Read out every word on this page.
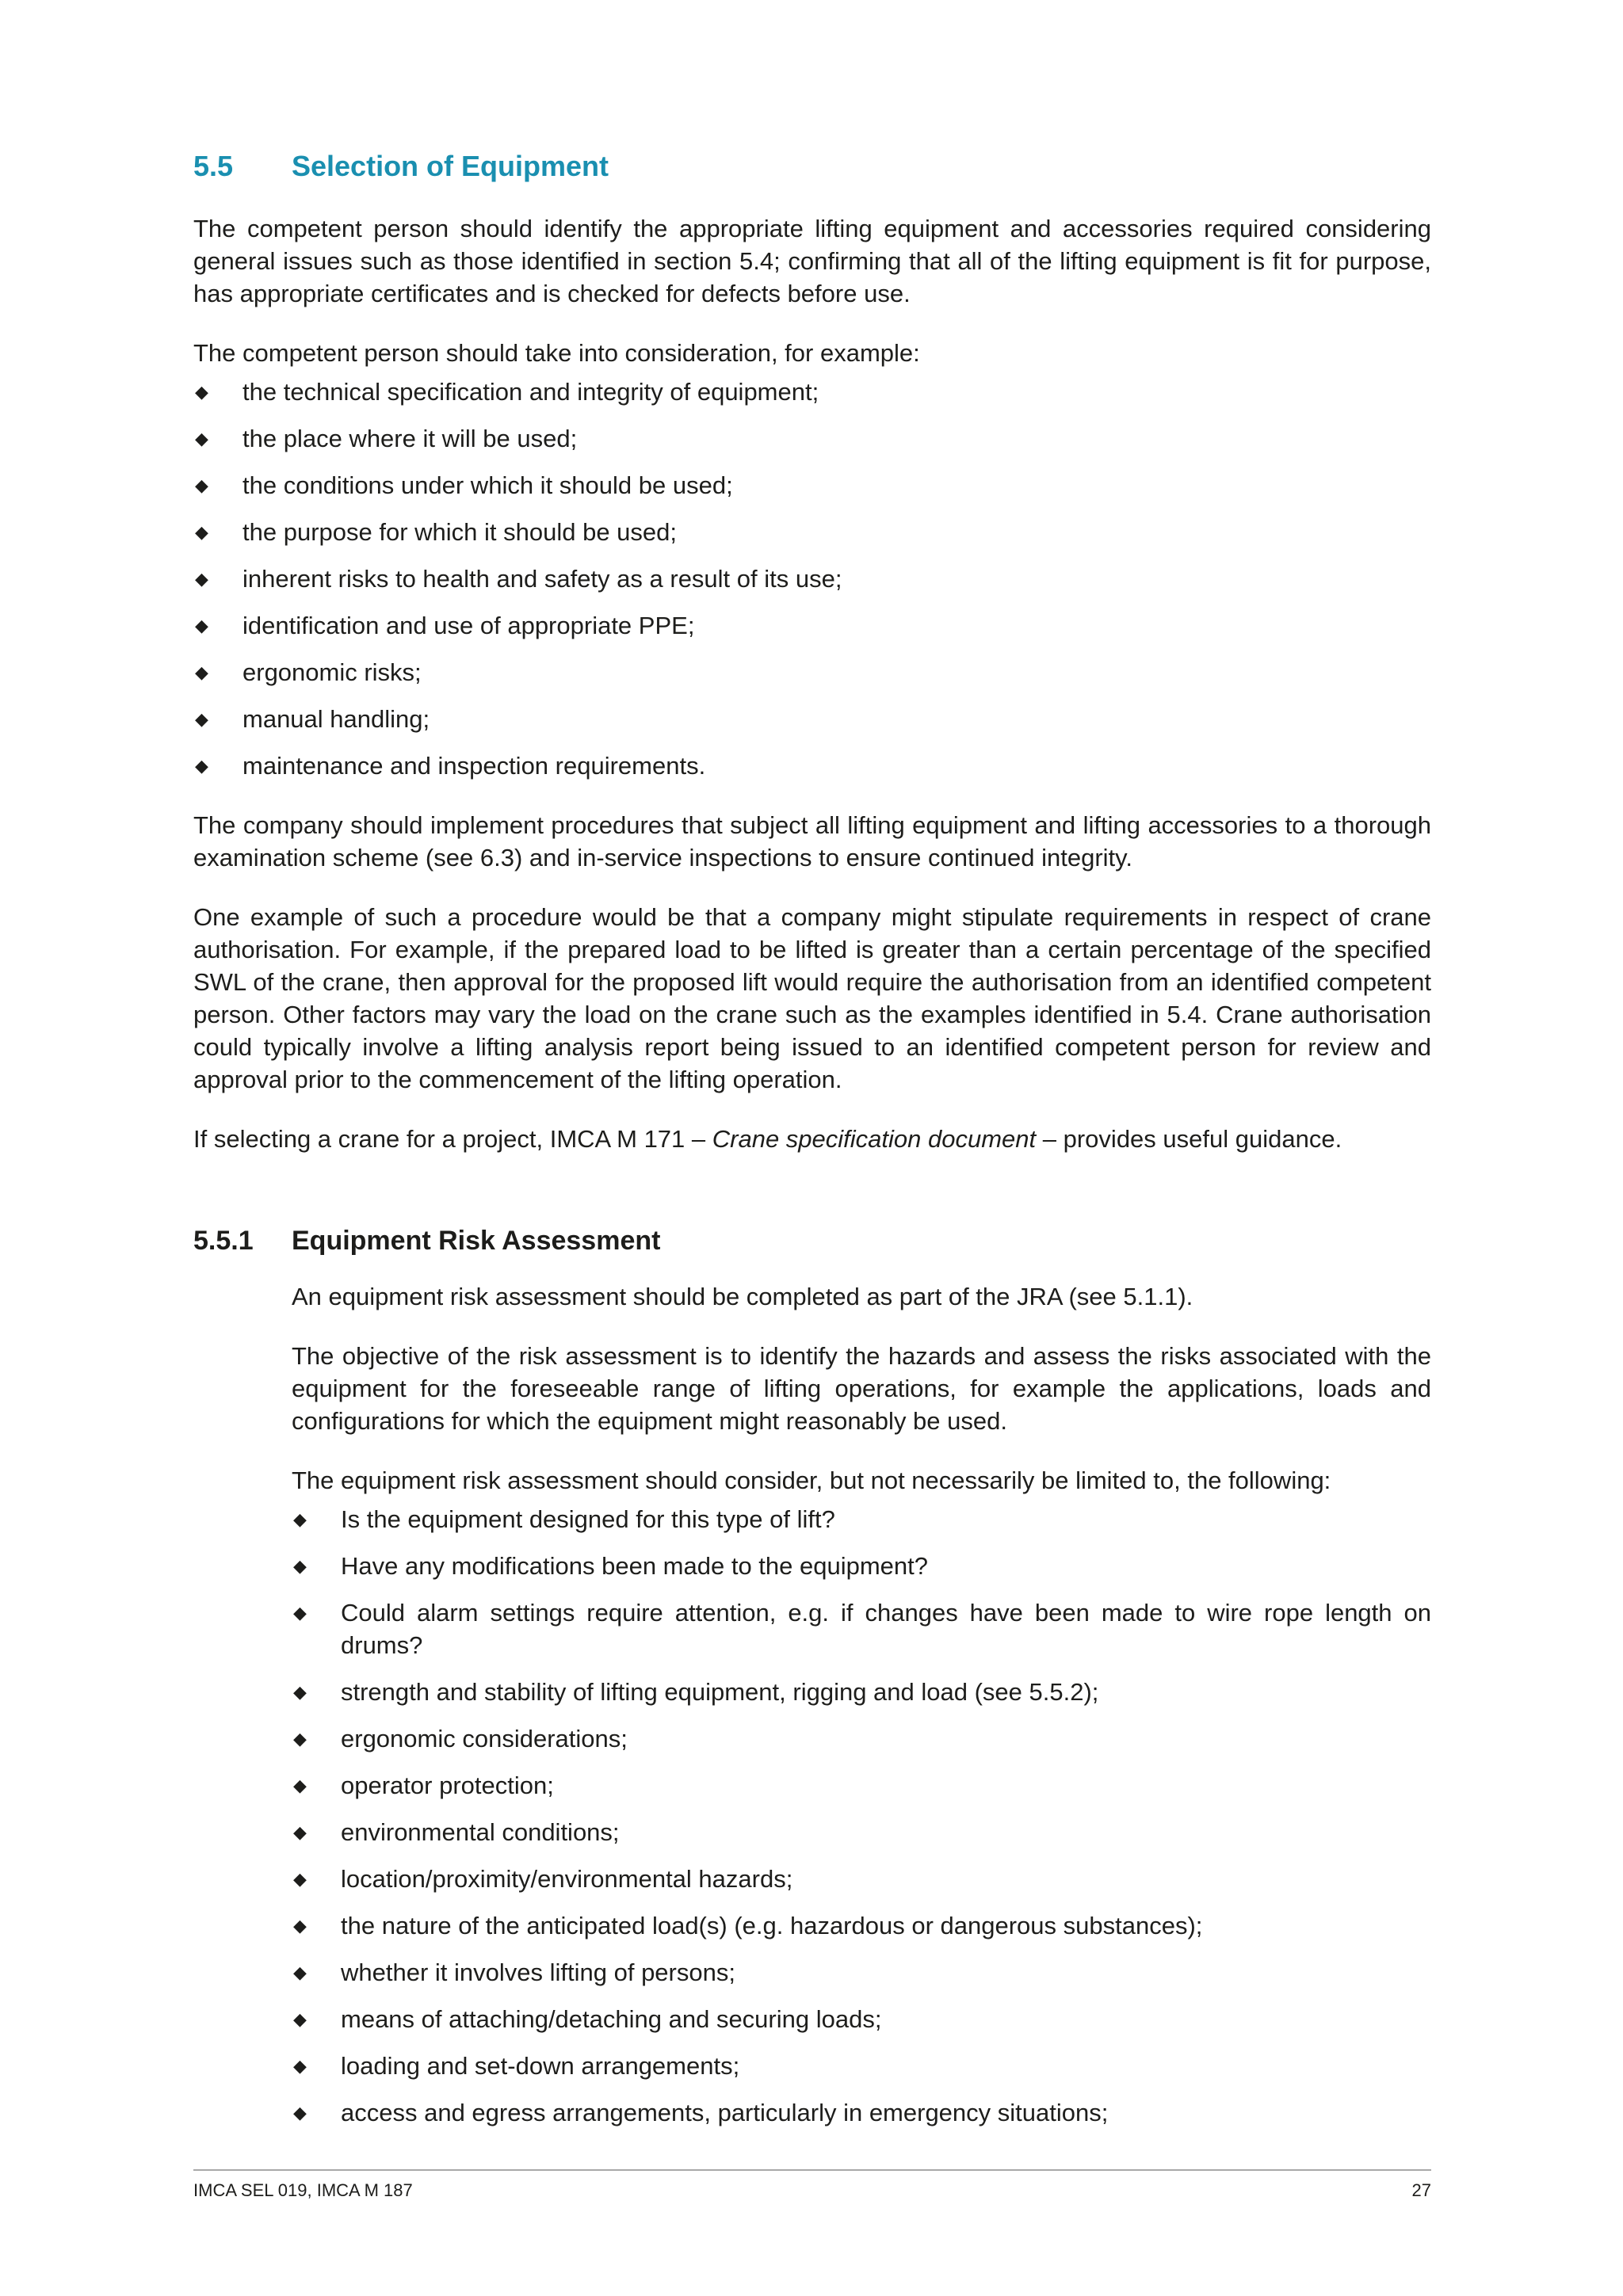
5.5	Selection of Equipment

The competent person should identify the appropriate lifting equipment and accessories required considering general issues such as those identified in section 5.4; confirming that all of the lifting equipment is fit for purpose, has appropriate certificates and is checked for defects before use.

The competent person should take into consideration, for example:

◆ the technical specification and integrity of equipment;
◆ the place where it will be used;
◆ the conditions under which it should be used;
◆ the purpose for which it should be used;
◆ inherent risks to health and safety as a result of its use;
◆ identification and use of appropriate PPE;
◆ ergonomic risks;
◆ manual handling;
◆ maintenance and inspection requirements.

The company should implement procedures that subject all lifting equipment and lifting accessories to a thorough examination scheme (see 6.3) and in-service inspections to ensure continued integrity.

One example of such a procedure would be that a company might stipulate requirements in respect of crane authorisation. For example, if the prepared load to be lifted is greater than a certain percentage of the specified SWL of the crane, then approval for the proposed lift would require the authorisation from an identified competent person. Other factors may vary the load on the crane such as the examples identified in 5.4. Crane authorisation could typically involve a lifting analysis report being issued to an identified competent person for review and approval prior to the commencement of the lifting operation.

If selecting a crane for a project, IMCA M 171 – Crane specification document – provides useful guidance.

5.5.1	Equipment Risk Assessment

An equipment risk assessment should be completed as part of the JRA (see 5.1.1).

The objective of the risk assessment is to identify the hazards and assess the risks associated with the equipment for the foreseeable range of lifting operations, for example the applications, loads and configurations for which the equipment might reasonably be used.

The equipment risk assessment should consider, but not necessarily be limited to, the following:

◆ Is the equipment designed for this type of lift?
◆ Have any modifications been made to the equipment?
◆ Could alarm settings require attention, e.g. if changes have been made to wire rope length on drums?
◆ strength and stability of lifting equipment, rigging and load (see 5.5.2);
◆ ergonomic considerations;
◆ operator protection;
◆ environmental conditions;
◆ location/proximity/environmental hazards;
◆ the nature of the anticipated load(s) (e.g. hazardous or dangerous substances);
◆ whether it involves lifting of persons;
◆ means of attaching/detaching and securing loads;
◆ loading and set-down arrangements;
◆ access and egress arrangements, particularly in emergency situations;
IMCA SEL 019, IMCA M 187	27
